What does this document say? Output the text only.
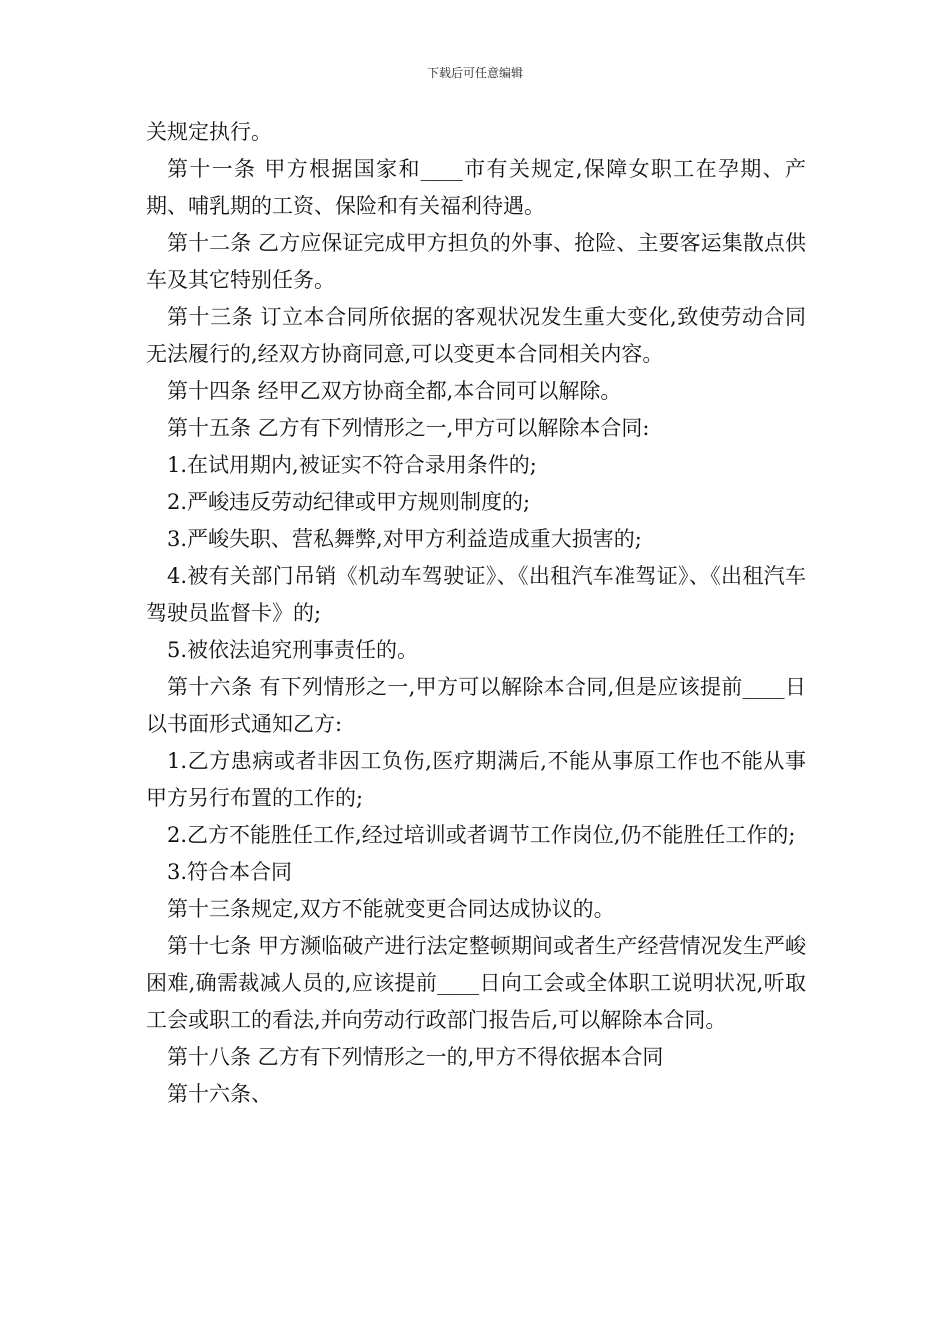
下载后可任意编辑

关规定执行。

第十一条 甲方根据国家和____市有关规定,保障女职工在孕期、产期、哺乳期的工资、保险和有关福利待遇。

第十二条 乙方应保证完成甲方担负的外事、抢险、主要客运集散点供车及其它特别任务。

第十三条 订立本合同所依据的客观状况发生重大变化,致使劳动合同无法履行的,经双方协商同意,可以变更本合同相关内容。

第十四条 经甲乙双方协商全都,本合同可以解除。

第十五条 乙方有下列情形之一,甲方可以解除本合同:

1.在试用期内,被证实不符合录用条件的;

2.严峻违反劳动纪律或甲方规则制度的;

3.严峻失职、营私舞弊,对甲方利益造成重大损害的;

4.被有关部门吊销《机动车驾驶证》、《出租汽车准驾证》、《出租汽车驾驶员监督卡》的;

5.被依法追究刑事责任的。

第十六条 有下列情形之一,甲方可以解除本合同,但是应该提前____日以书面形式通知乙方:

1.乙方患病或者非因工负伤,医疗期满后,不能从事原工作也不能从事甲方另行布置的工作的;

2.乙方不能胜任工作,经过培训或者调节工作岗位,仍不能胜任工作的;

3.符合本合同

第十三条规定,双方不能就变更合同达成协议的。

第十七条 甲方濒临破产进行法定整顿期间或者生产经营情况发生严峻困难,确需裁减人员的,应该提前____日向工会或全体职工说明状况,听取工会或职工的看法,并向劳动行政部门报告后,可以解除本合同。

第十八条 乙方有下列情形之一的,甲方不得依据本合同

第十六条、
